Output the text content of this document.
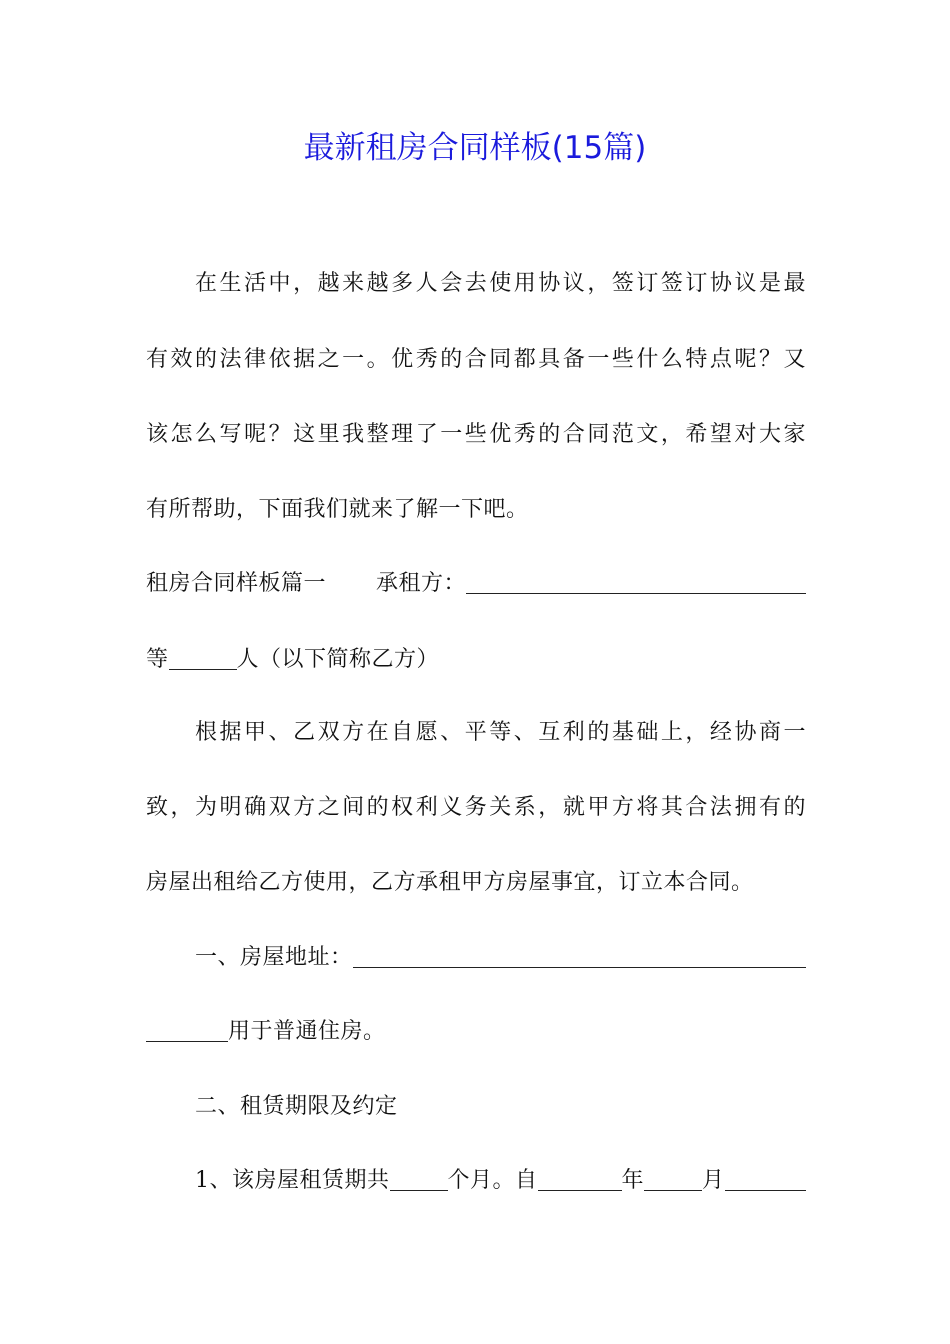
最新租房合同样板(15篇)
在生活中，越来越多人会去使用协议，签订签订协议是最
有效的法律依据之一。优秀的合同都具备一些什么特点呢？又
该怎么写呢？这里我整理了一些优秀的合同范文，希望对大家
有所帮助，下面我们就来了解一下吧。
租房合同样板篇一 承租方：
等	人（以下简称乙方）
根据甲、乙双方在自愿、平等、互利的基础上，经协商一
致，为明确双方之间的权利义务关系，就甲方将其合法拥有的
房屋出租给乙方使用，乙方承租甲方房屋事宜，订立本合同。
一、房屋地址：
用于普通住房。
二、租赁期限及约定
1、该房屋租赁期共	个月。自	年	月
